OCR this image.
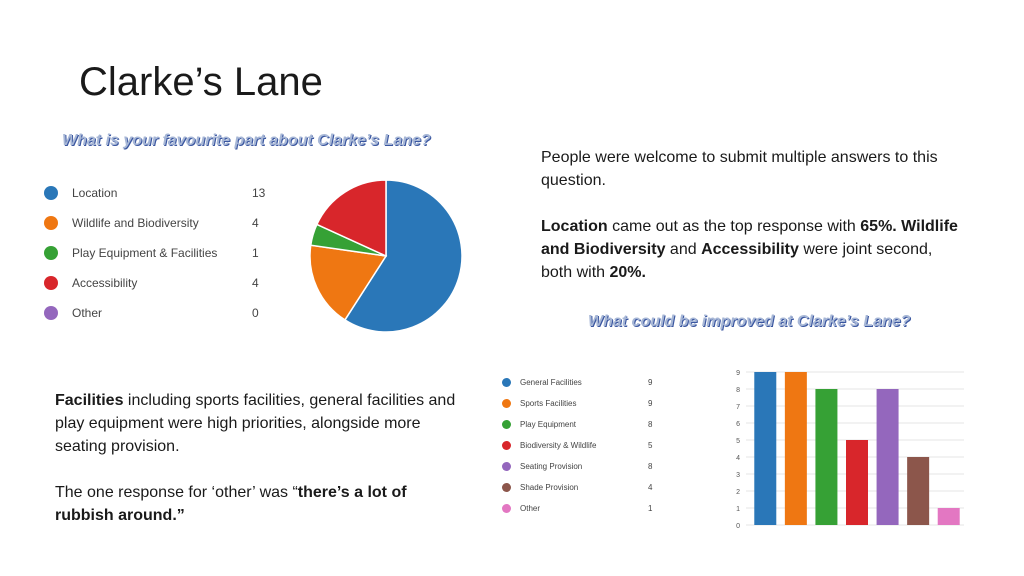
Clarke’s Lane
What is your favourite part about Clarke’s Lane?
Location	13
Wildlife and Biodiversity	4
Play Equipment & Facilities	1
Accessibility	4
Other	0

People were welcome to submit multiple answers to this question.

Location came out as the top response with 65%. Wildlife and Biodiversity and Accessibility were joint second, both with 20%.

What could be improved at Clarke’s Lane?
General Facilities	9
Sports Facilities	9
Play Equipment	8
Biodiversity & Wildlife	5
Seating Provision	8
Shade Provision	4
Other	1
0
1
2
3
4
5
6
7
8
9

Facilities including sports facilities, general facilities and play equipment were high priorities, alongside more seating provision.

The one response for ‘other’ was “there’s a lot of rubbish around.”
